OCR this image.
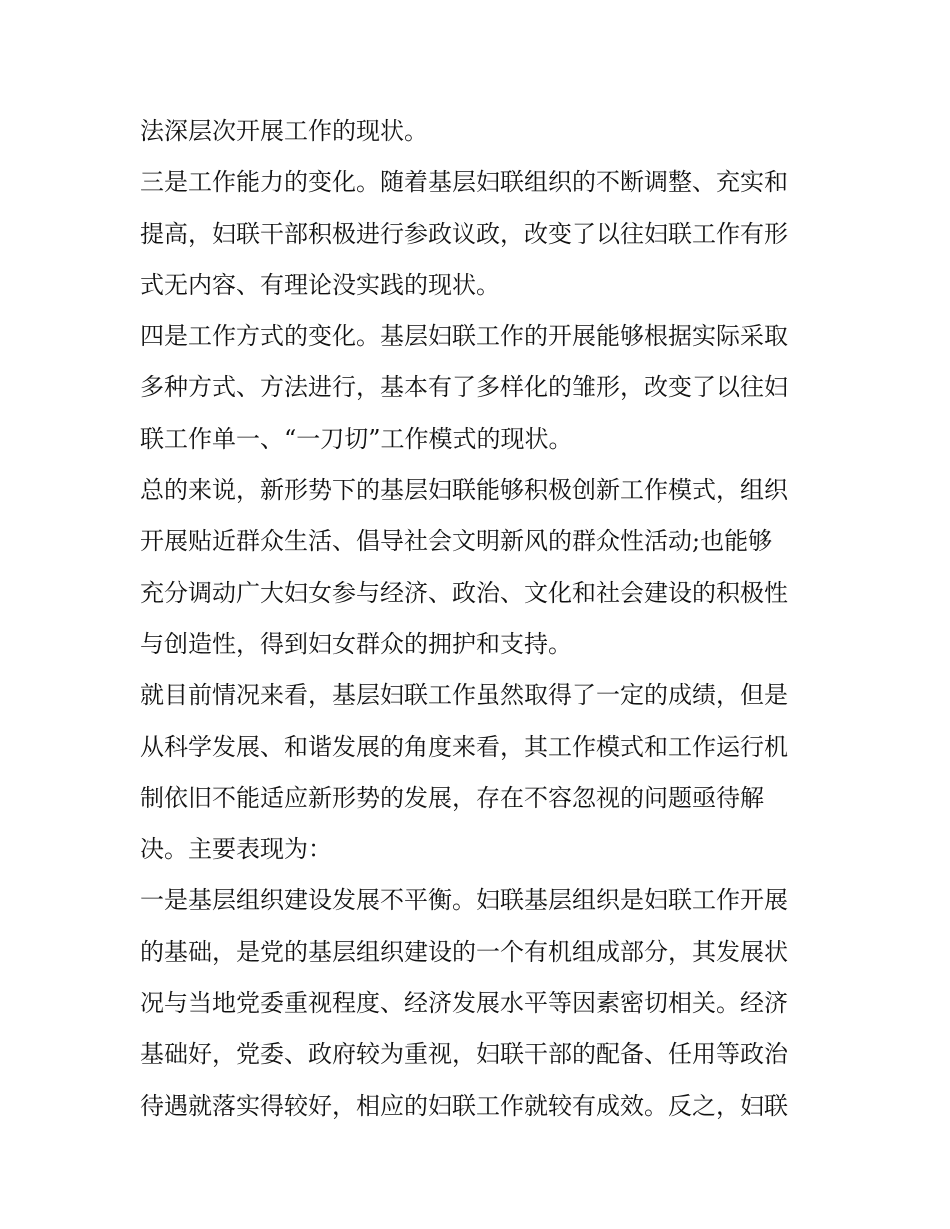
法深层次开展工作的现状。
三是工作能力的变化。随着基层妇联组织的不断调整、充实和
提高，妇联干部积极进行参政议政，改变了以往妇联工作有形
式无内容、有理论没实践的现状。
四是工作方式的变化。基层妇联工作的开展能够根据实际采取
多种方式、方法进行，基本有了多样化的雏形，改变了以往妇
联工作单一、“一刀切”工作模式的现状。
总的来说，新形势下的基层妇联能够积极创新工作模式，组织
开展贴近群众生活、倡导社会文明新风的群众性活动;也能够
充分调动广大妇女参与经济、政治、文化和社会建设的积极性
与创造性，得到妇女群众的拥护和支持。
就目前情况来看，基层妇联工作虽然取得了一定的成绩，但是
从科学发展、和谐发展的角度来看，其工作模式和工作运行机
制依旧不能适应新形势的发展，存在不容忽视的问题亟待解
决。主要表现为：
一是基层组织建设发展不平衡。妇联基层组织是妇联工作开展
的基础，是党的基层组织建设的一个有机组成部分，其发展状
况与当地党委重视程度、经济发展水平等因素密切相关。经济
基础好，党委、政府较为重视，妇联干部的配备、任用等政治
待遇就落实得较好，相应的妇联工作就较有成效。反之，妇联
